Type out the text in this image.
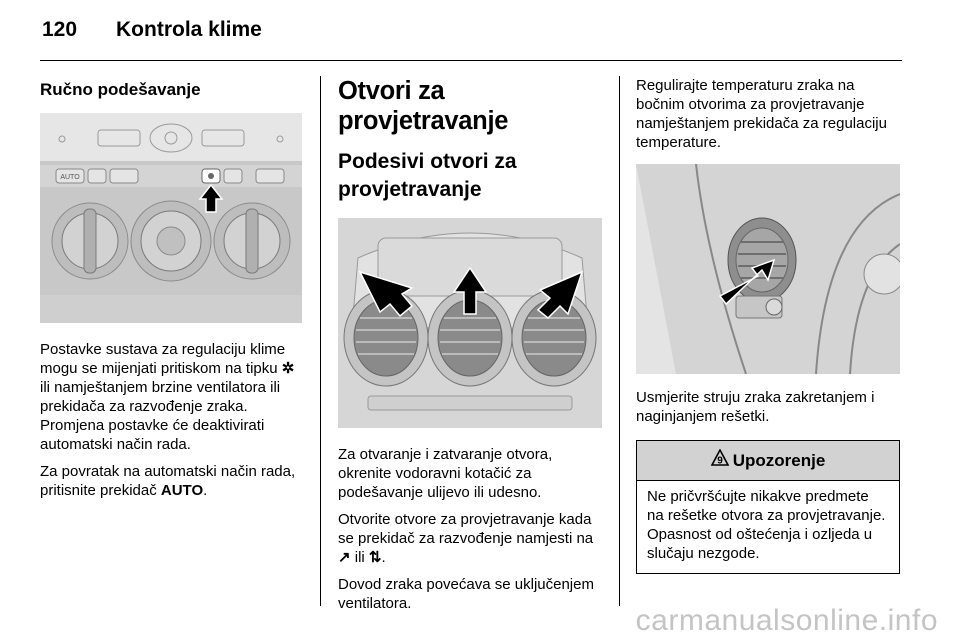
120 Kontrola klime
Ručno podešavanje
AUTO

Postavke sustava za regulaciju klime mogu se mijenjati pritiskom na tipku ✲ ili namještanjem brzine ventilatora ili prekidača za razvođenje zraka. Promjena postavke će deaktivirati automatski način rada.

Za povratak na automatski način rada, pritisnite prekidač AUTO.

Otvori za provjetravanje
Podesivi otvori za provjetravanje

Za otvaranje i zatvaranje otvora, okrenite vodoravni kotačić za podešavanje ulijevo ili udesno.

Otvorite otvore za provjetravanje kada se prekidač za razvođenje namjesti na ↗ ili ⇅.

Dovod zraka povećava se uključenjem ventilatora.

Regulirajte temperaturu zraka na bočnim otvorima za provjetravanje namještanjem prekidača za regulaciju temperature.

Usmjerite struju zraka zakretanjem i naginjanjem rešetki.

9 Upozorenje
Ne pričvršćujte nikakve predmete na rešetke otvora za provjetravanje. Opasnost od oštećenja i ozljeda u slučaju nezgode.
carmanualsonline.info
